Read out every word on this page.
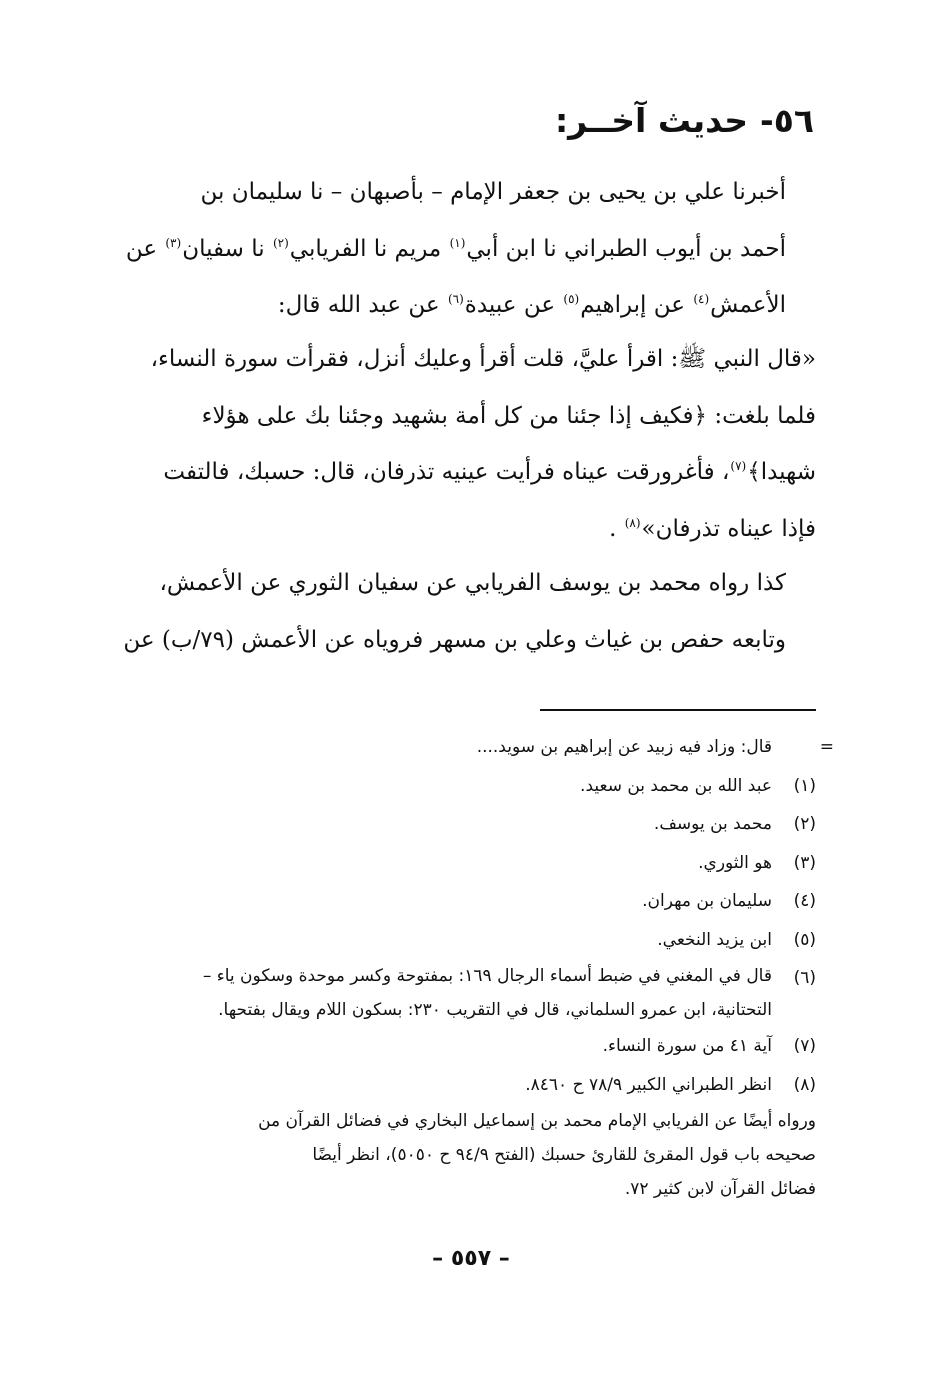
٥٦-حديث آخــر:
أخبرنا علي بن يحيى بن جعفر الإمام – بأصبهان – نا سليمان بن
أحمد بن أيوب الطبراني نا ابن أبي$^{(١)}$ مريم نا الفريابي$^{(٢)}$ نا سفيان$^{(٣)}$ عن
الأعمش$^{(٤)}$ عن إبراهيم$^{(٥)}$ عن عبيدة$^{(٦)}$ عن عبد الله قال:
«قال النبي ﷺ: اقرأ عليَّ، قلت أقرأ وعليك أنزل، فقرأت سورة النساء،
فلما بلغت: ﴿فكيف إذا جئنا من كل أمة بشهيد وجئنا بك على هؤلاء
شهيدا﴾$^{(٧)}$، فأغرورقت عيناه فرأيت عينيه تذرفان، قال: حسبك، فالتفت
فإذا عيناه تذرفان»$^{(٨)}$ .
كذا رواه محمد بن يوسف الفريابي عن سفيان الثوري عن الأعمش،
وتابعه حفص بن غياث وعلي بن مسهر فروياه عن الأعمش (٧٩/ب) عن
=
قال: وزاد فيه زبيد عن إبراهيم بن سويد....
(١)
عبد الله بن محمد بن سعيد.
(٢)
محمد بن يوسف.
(٣)
هو الثوري.
(٤)
سليمان بن مهران.
(٥)
ابن يزيد النخعي.
(٦)
قال في المغني في ضبط أسماء الرجال ١٦٩: بمفتوحة وكسر موحدة وسكون ياء –
التحتانية، ابن عمرو السلماني، قال في التقريب ٢٣٠: بسكون اللام ويقال بفتحها.
(٧)
آية ٤١ من سورة النساء.
(٨)
انظر الطبراني الكبير ٧٨/٩ ح ٨٤٦٠.
ورواه أيضًا عن الفريابي الإمام محمد بن إسماعيل البخاري في فضائل القرآن من
صحيحه باب قول المقرئ للقارئ حسبك (الفتح ٩٤/٩ ح ٥٠٥٠)، انظر أيضًا
فضائل القرآن لابن كثير ٧٢.
– ٥٥٧ –
